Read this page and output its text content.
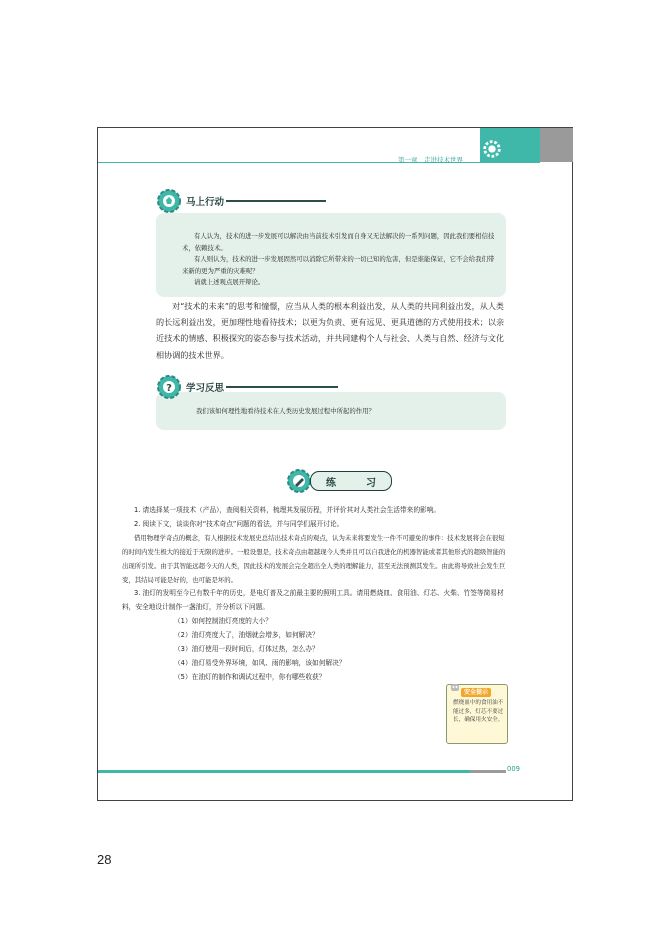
第一章　走进技术世界

有人认为，技术的进一步发展可以解决由当前技术引发而自身又无法解决的一系列问题，因此我们要相信技术，依赖技术。

有人则认为，技术的进一步发展固然可以消除它所带来的一切已知的危害，但是谁能保证，它不会给我们带来新的更为严重的灾难呢？

请就上述观点展开辩论。

马上行动

对“技术的未来”的思考和憧憬，应当从人类的根本利益出发，从人类的共同利益出发，从人类的长远利益出发，更加理性地看待技术；以更为负责、更有远见、更具道德的方式使用技术；以亲近技术的情感、积极探究的姿态参与技术活动，并共同建构个人与社会、人类与自然、经济与文化相协调的技术世界。

我们该如何理性地看待技术在人类历史发展过程中所起的作用？

? 学习反思
练	习

1. 请选择某一项技术（产品），查阅相关资料，梳理其发展历程，并评价其对人类社会生活带来的影响。

2. 阅读下文，谈谈你对“技术奇点”问题的看法，并与同学们展开讨论。

借用物理学奇点的概念，有人根据技术发展史总结出技术奇点的观点，认为未来将要发生一件不可避免的事件：技术发展将会在很短的时间内发生极大的接近于无限的进步。一般设想是，技术奇点由超越现今人类并且可以自我进化的机器智能或者其他形式的超级智能的出现所引发。由于其智能远超今天的人类，因此技术的发展会完全超出全人类的理解能力，甚至无法预测其发生。由此将导致社会发生巨变，其结局可能是好的，也可能是坏的。

3. 油灯的发明至今已有数千年的历史，是电灯普及之前最主要的照明工具。请用燃烧皿、食用油、灯芯、火柴、竹签等简易材料，安全地设计制作一盏油灯，并分析以下问题。

（1）如何控制油灯亮度的大小？

（2）油灯亮度大了，油烟就会增多，如何解决？

（3）油灯使用一段时间后，灯体过热，怎么办？

（4）油灯易受外界环境，如风、雨的影响，该如何解决？

（5）在油灯的制作和调试过程中，你有哪些收获？

安全提示
燃烧皿中的食用油不能过多，灯芯不要过长，确保用火安全。
009
28
